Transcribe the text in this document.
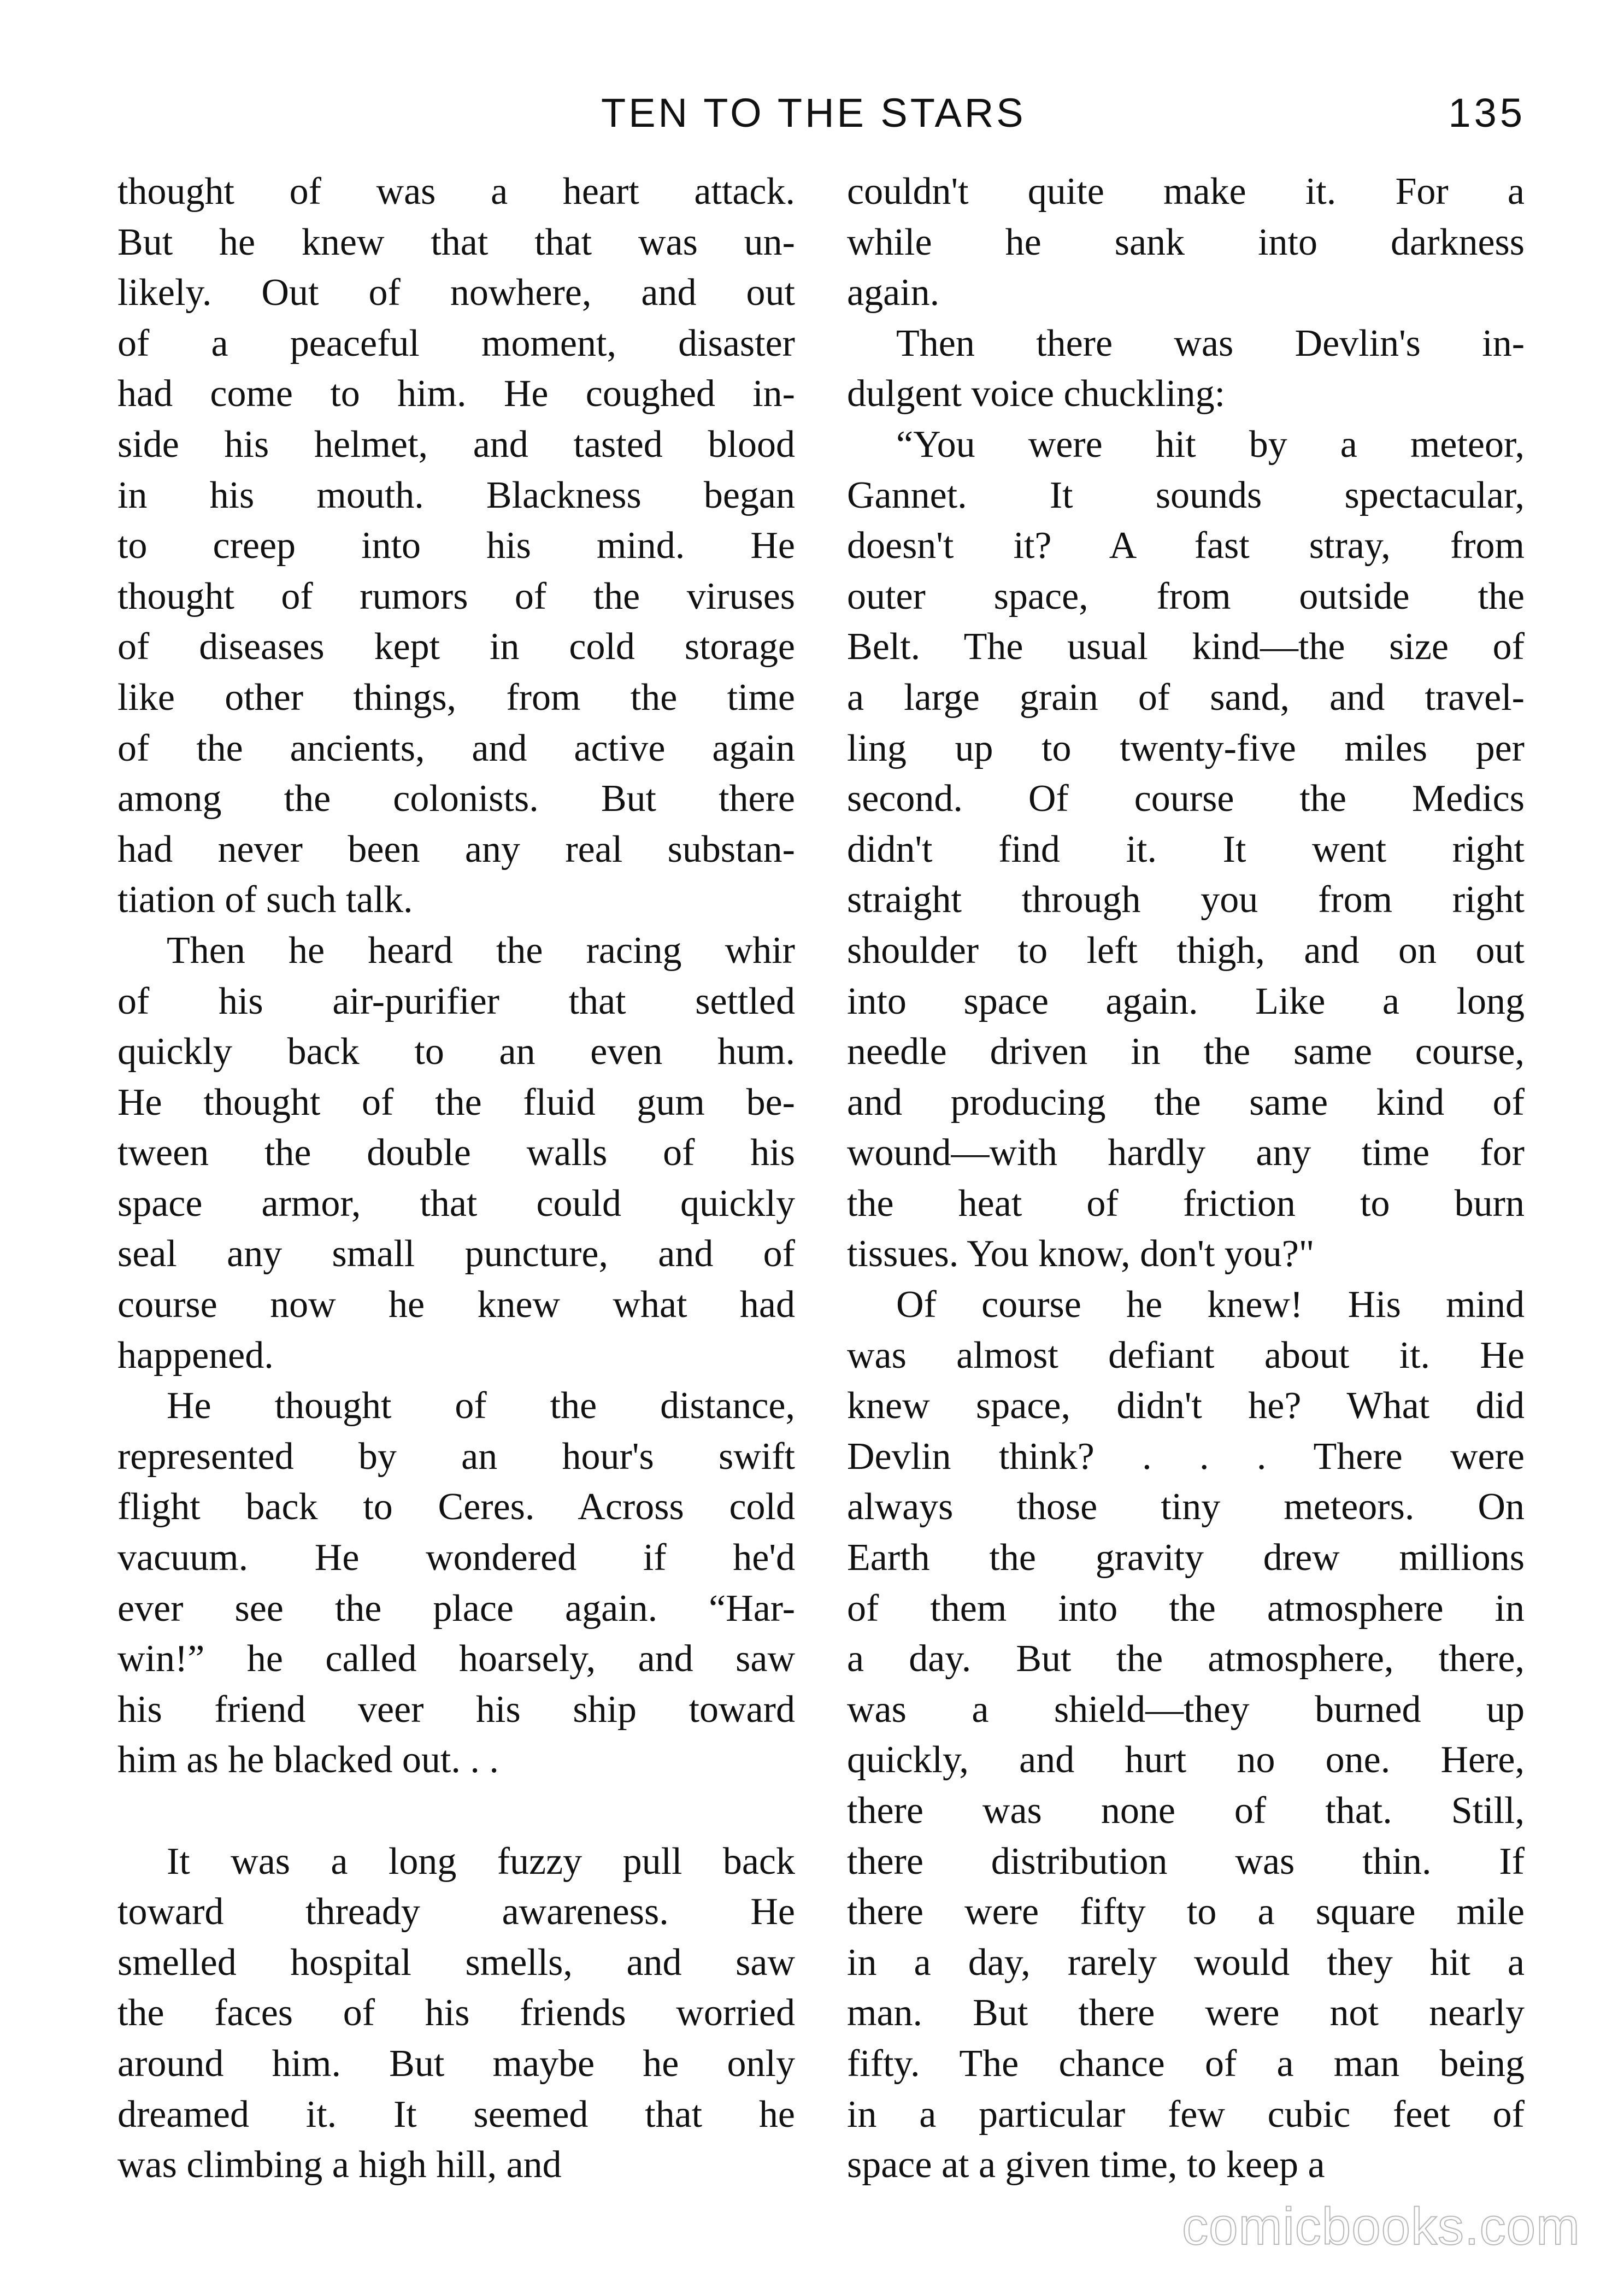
TEN TO THE STARS	135
thought of was a heart attack.
But he knew that that was un-
likely. Out of nowhere, and out
of a peaceful moment, disaster
had come to him. He coughed in-
side his helmet, and tasted blood
in his mouth. Blackness began
to creep into his mind. He
thought of rumors of the viruses
of diseases kept in cold storage
like other things, from the time
of the ancients, and active again
among the colonists. But there
had never been any real substan-
tiation of such talk.
Then he heard the racing whir
of his air-purifier that settled
quickly back to an even hum.
He thought of the fluid gum be-
tween the double walls of his
space armor, that could quickly
seal any small puncture, and of
course now he knew what had
happened.
He thought of the distance,
represented by an hour's swift
flight back to Ceres. Across cold
vacuum. He wondered if he'd
ever see the place again. “Har-
win!” he called hoarsely, and saw
his friend veer his ship toward
him as he blacked out. . .
It was a long fuzzy pull back
toward thready awareness. He
smelled hospital smells, and saw
the faces of his friends worried
around him. But maybe he only
dreamed it. It seemed that he
was climbing a high hill, and
couldn't quite make it. For a
while he sank into darkness
again.
Then there was Devlin's in-
dulgent voice chuckling:
“You were hit by a meteor,
Gannet. It sounds spectacular,
doesn't it? A fast stray, from
outer space, from outside the
Belt. The usual kind—the size of
a large grain of sand, and travel-
ling up to twenty-five miles per
second. Of course the Medics
didn't find it. It went right
straight through you from right
shoulder to left thigh, and on out
into space again. Like a long
needle driven in the same course,
and producing the same kind of
wound—with hardly any time for
the heat of friction to burn
tissues. You know, don't you?"
Of course he knew! His mind
was almost defiant about it. He
knew space, didn't he? What did
Devlin think? . . . There were
always those tiny meteors. On
Earth the gravity drew millions
of them into the atmosphere in
a day. But the atmosphere, there,
was a shield—they burned up
quickly, and hurt no one. Here,
there was none of that. Still,
there distribution was thin. If
there were fifty to a square mile
in a day, rarely would they hit a
man. But there were not nearly
fifty. The chance of a man being
in a particular few cubic feet of
space at a given time, to keep a
comicbooks.com
